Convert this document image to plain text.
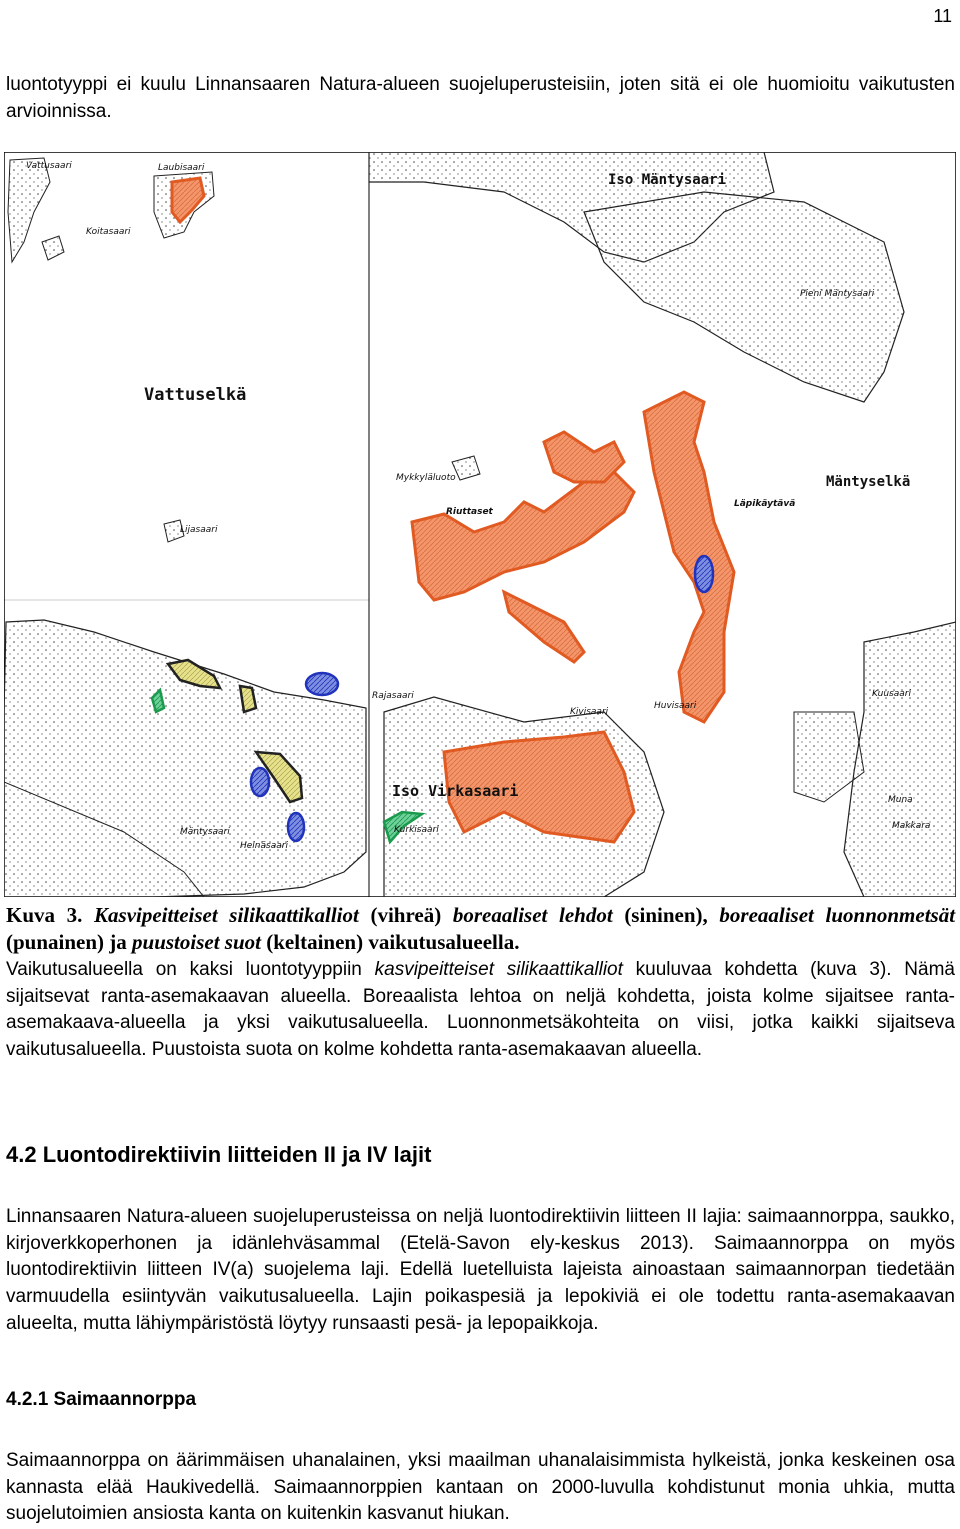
11

luontotyyppi ei kuulu Linnansaaren Natura-alueen suojeluperusteisiin, joten sitä ei ole huomioitu vaikutusten arvioinnissa.

Vattusaari	Laubisaari
Koitasaari
Iso Mäntysaari
Pieni Mäntysaari
Vattuselkä
Mykkyläluoto
Riuttaset
Mäntyselkä
Läpikäytävä
Lijasaari
Iso Virkasaari
Rajasaari
Kivisaari
Huvisaari
Mäntysaari
Heinäsaari
Kurkisaari
Muna
Makkara
Kuusaari

Kuva 3. Kasvipeitteiset silikaattikalliot (vihreä) boreaaliset lehdot (sininen), boreaaliset luonnonmetsät (punainen) ja puustoiset suot (keltainen) vaikutusalueella.

Vaikutusalueella on kaksi luontotyyppiin kasvipeitteiset silikaattikalliot kuuluvaa kohdetta (kuva 3). Nämä sijaitsevat ranta-asemakaavan alueella. Boreaalista lehtoa on neljä kohdetta, joista kolme sijaitsee ranta-asemakaava-alueella ja yksi vaikutusalueella. Luonnonmetsäkohteita on viisi, jotka kaikki sijaitseva vaikutusalueella. Puustoista suota on kolme kohdetta ranta-asemakaavan alueella.

4.2 Luontodirektiivin liitteiden II ja IV lajit

Linnansaaren Natura-alueen suojeluperusteissa on neljä luontodirektiivin liitteen II lajia: saimaannorppa, saukko, kirjoverkkoperhonen ja idänlehväsammal (Etelä-Savon ely-keskus 2013). Saimaannorppa on myös luontodirektiivin liitteen IV(a) suojelema laji. Edellä luetelluista lajeista ainoastaan saimaannorpan tiedetään varmuudella esiintyvän vaikutusalueella. Lajin poikaspesiä ja lepokiviä ei ole todettu ranta-asemakaavan alueelta, mutta lähiympäristöstä löytyy runsaasti pesä- ja lepopaikkoja.

4.2.1 Saimaannorppa

Saimaannorppa on äärimmäisen uhanalainen, yksi maailman uhanalaisimmista hylkeistä, jonka keskeinen osa kannasta elää Haukivedellä. Saimaannorppien kantaan on 2000-luvulla kohdistunut monia uhkia, mutta suojelutoimien ansiosta kanta on kuitenkin kasvanut hiukan.
